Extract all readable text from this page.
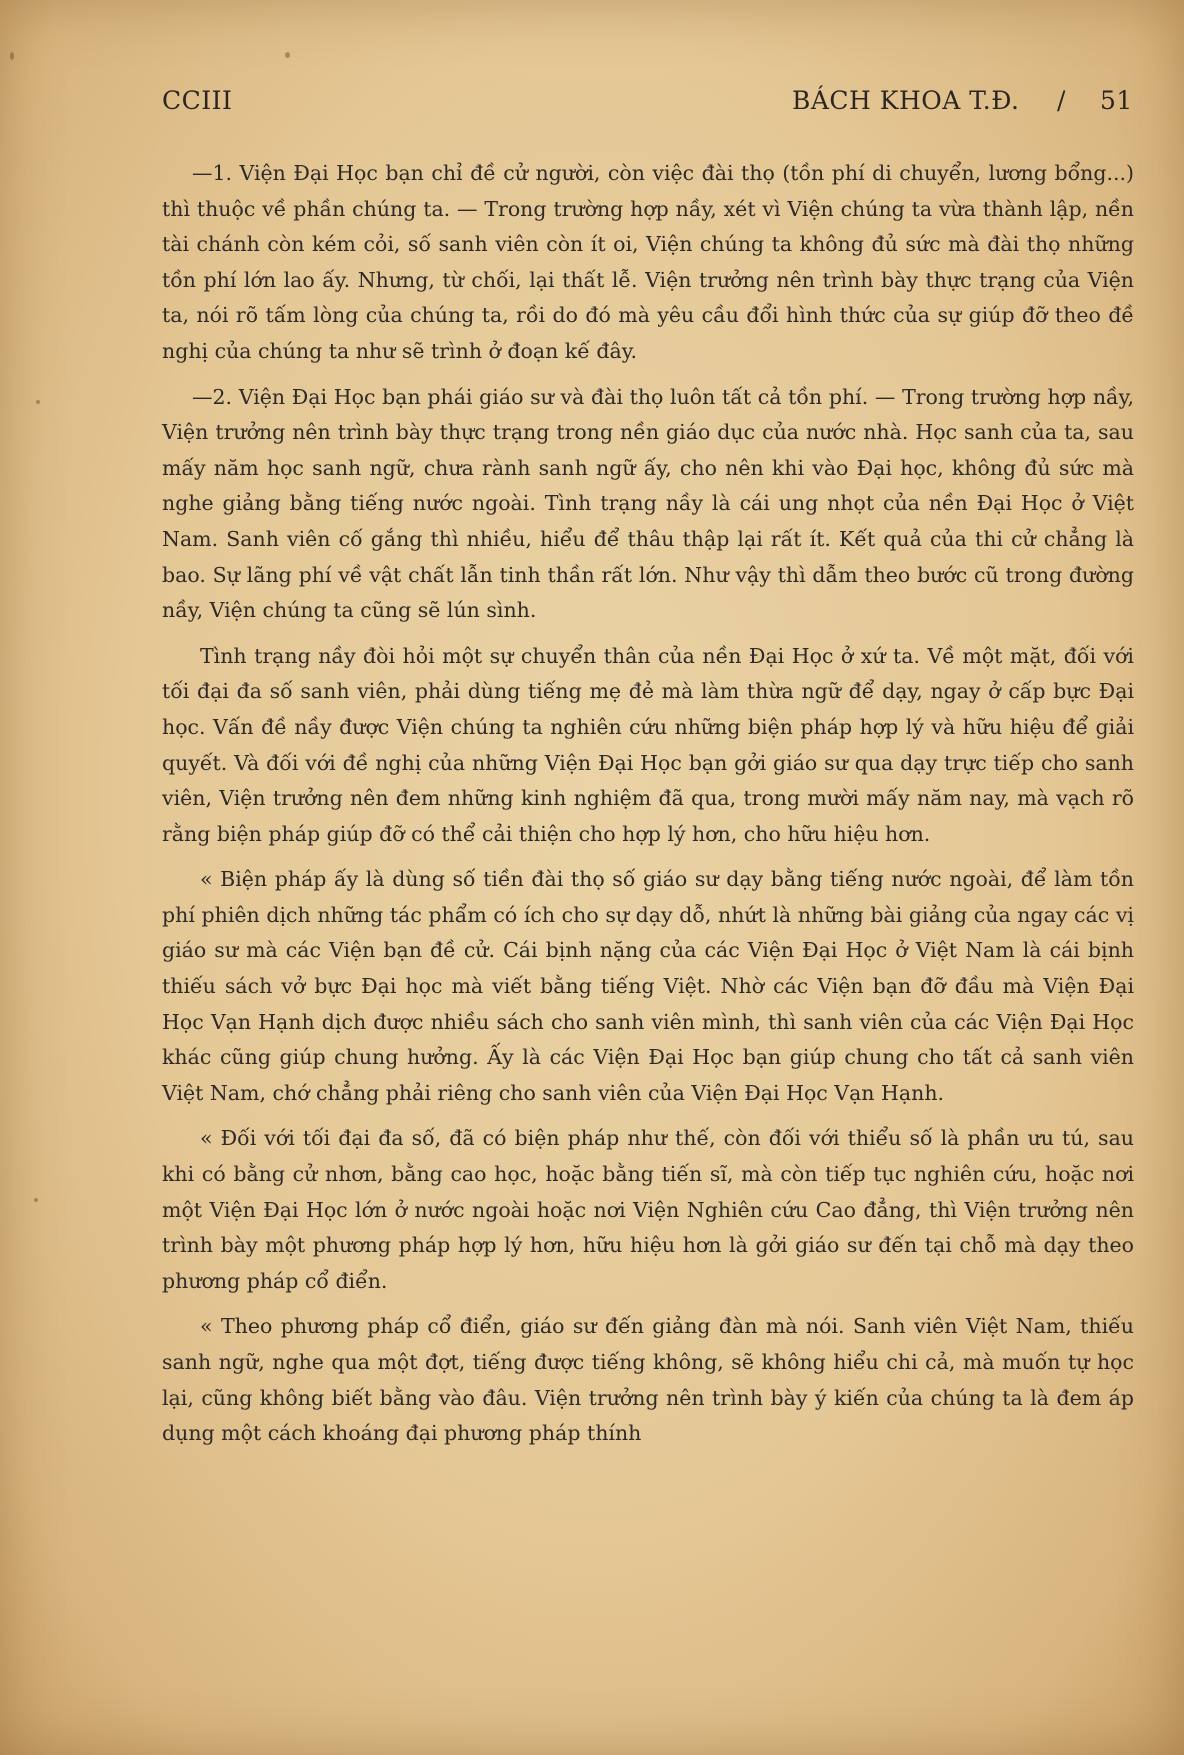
CCIII	BÁCH KHOA T.Đ. / 51

—1. Viện Đại Học bạn chỉ đề cử người, còn việc đài thọ (tồn phí di chuyển, lương bổng...) thì thuộc về phần chúng ta. — Trong trường hợp nầy, xét vì Viện chúng ta vừa thành lập, nền tài chánh còn kém cỏi, số sanh viên còn ít oi, Viện chúng ta không đủ sức mà đài thọ những tồn phí lớn lao ấy. Nhưng, từ chối, lại thất lễ. Viện trưởng nên trình bày thực trạng của Viện ta, nói rõ tấm lòng của chúng ta, rồi do đó mà yêu cầu đổi hình thức của sự giúp đỡ theo đề nghị của chúng ta như sẽ trình ở đoạn kế đây.

—2. Viện Đại Học bạn phái giáo sư và đài thọ luôn tất cả tồn phí. — Trong trường hợp nầy, Viện trưởng nên trình bày thực trạng trong nền giáo dục của nước nhà. Học sanh của ta, sau mấy năm học sanh ngữ, chưa rành sanh ngữ ấy, cho nên khi vào Đại học, không đủ sức mà nghe giảng bằng tiếng nước ngoài. Tình trạng nầy là cái ung nhọt của nền Đại Học ở Việt Nam. Sanh viên cố gắng thì nhiều, hiểu để thâu thập lại rất ít. Kết quả của thi cử chẳng là bao. Sự lãng phí về vật chất lẫn tinh thần rất lớn. Như vậy thì dẫm theo bước cũ trong đường nầy, Viện chúng ta cũng sẽ lún sình.

Tình trạng nầy đòi hỏi một sự chuyển thân của nền Đại Học ở xứ ta. Về một mặt, đối với tối đại đa số sanh viên, phải dùng tiếng mẹ đẻ mà làm thừa ngữ để dạy, ngay ở cấp bực Đại học. Vấn đề nầy được Viện chúng ta nghiên cứu những biện pháp hợp lý và hữu hiệu để giải quyết. Và đối với đề nghị của những Viện Đại Học bạn gởi giáo sư qua dạy trực tiếp cho sanh viên, Viện trưởng nên đem những kinh nghiệm đã qua, trong mười mấy năm nay, mà vạch rõ rằng biện pháp giúp đỡ có thể cải thiện cho hợp lý hơn, cho hữu hiệu hơn.

« Biện pháp ấy là dùng số tiền đài thọ số giáo sư dạy bằng tiếng nước ngoài, để làm tồn phí phiên dịch những tác phẩm có ích cho sự dạy dỗ, nhứt là những bài giảng của ngay các vị giáo sư mà các Viện bạn đề cử. Cái bịnh nặng của các Viện Đại Học ở Việt Nam là cái bịnh thiếu sách vở bực Đại học mà viết bằng tiếng Việt. Nhờ các Viện bạn đỡ đầu mà Viện Đại Học Vạn Hạnh dịch được nhiều sách cho sanh viên mình, thì sanh viên của các Viện Đại Học khác cũng giúp chung hưởng. Ấy là các Viện Đại Học bạn giúp chung cho tất cả sanh viên Việt Nam, chớ chẳng phải riêng cho sanh viên của Viện Đại Học Vạn Hạnh.

« Đối với tối đại đa số, đã có biện pháp như thế, còn đối với thiểu số là phần ưu tú, sau khi có bằng cử nhơn, bằng cao học, hoặc bằng tiến sĩ, mà còn tiếp tục nghiên cứu, hoặc nơi một Viện Đại Học lớn ở nước ngoài hoặc nơi Viện Nghiên cứu Cao đẳng, thì Viện trưởng nên trình bày một phương pháp hợp lý hơn, hữu hiệu hơn là gởi giáo sư đến tại chỗ mà dạy theo phương pháp cổ điển.

« Theo phương pháp cổ điển, giáo sư đến giảng đàn mà nói. Sanh viên Việt Nam, thiếu sanh ngữ, nghe qua một đợt, tiếng được tiếng không, sẽ không hiểu chi cả, mà muốn tự học lại, cũng không biết bằng vào đâu. Viện trưởng nên trình bày ý kiến của chúng ta là đem áp dụng một cách khoáng đại phương pháp thính
